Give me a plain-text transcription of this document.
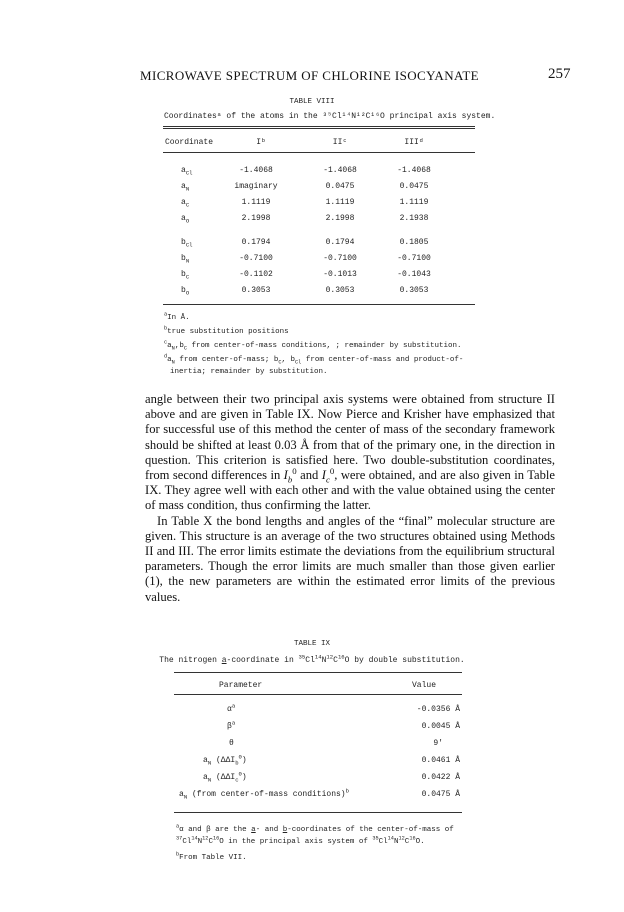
MICROWAVE SPECTRUM OF CHLORINE ISOCYANATE	257
TABLE VIII
Coordinatesᵃ of the atoms in the ³⁵Cl¹⁴N¹²C¹⁶O principal axis system.
Coordinate	Iᵇ	IIᶜ	IIIᵈ
$a_{Cl}$	-1.4068	-1.4068	-1.4068
$a_N$	imaginary	0.0475	0.0475
$a_C$	1.1119	1.1119	1.1119
$a_O$	2.1998	2.1998	2.1938
$b_{Cl}$	0.1794	0.1794	0.1805
$b_N$	-0.7100	-0.7100	-0.7100
$b_C$	-0.1102	-0.1013	-0.1043
$b_O$	0.3053	0.3053	0.3053
$^a$In Å.
$^b$true substitution positions
$^ca_N,b_C$ from center-of-mass conditions, ; remainder by substitution.
$^da_N$ from center-of-mass; $b_C$, $b_{Cl}$ from center-of-mass and product-of-
inertia; remainder by substitution.

angle between their two principal axis systems were obtained from structure II above and are given in Table IX. Now Pierce and Krisher have emphasized that for successful use of this method the center of mass of the secondary framework should be shifted at least 0.03 Å from that of the primary one, in the direction in question. This criterion is satisfied here. Two double-substitution coordinates, from second differences in $I_b^0$ and $I_c^0$, were obtained, and are also given in Table IX. They agree well with each other and with the value obtained using the center of mass condition, thus confirming the latter.

In Table X the bond lengths and angles of the “final” molecular structure are given. This structure is an average of the two structures obtained using Methods II and III. The error limits estimate the deviations from the equilibrium structural parameters. Though the error limits are much smaller than those given earlier (1), the new parameters are within the estimated error limits of the previous values.

TABLE IX
The nitrogen a-coordinate in $^{35}Cl^{14}N^{12}C^{16}O$ by double substitution.
Parameter	Value
$\alpha^a$	-0.0356 Å
$\beta^a$	0.0045 Å
θ	9'
$a_N$ $(\Delta\Delta I_b^0)$	0.0461 Å
$a_N$ $(\Delta\Delta I_c^0)$	0.0422 Å
$a_N$ (from center-of-mass conditions)$^b$	0.0475 Å
$^a$α and β are the a- and b-coordinates of the center-of-mass of
$^{37}Cl^{14}N^{12}C^{16}O$ in the principal axis system of $^{35}Cl^{14}N^{12}C^{16}O$.
$^b$From Table VII.
